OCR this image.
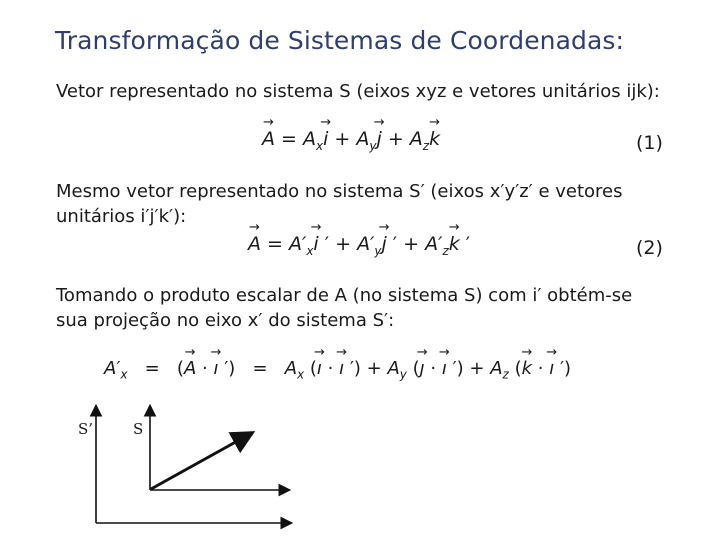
Transformação de Sistemas de Coordenadas:
Vetor representado no sistema S (eixos xyz e vetores unitários ijk):
→ $A = A_x\to i + A_y\to j + A_z\to k$	(1)
Mesmo vetor representado no sistema S′ (eixos x′y′z′ e vetores
unitários i′j′k′):
→ $A = A'_x\to i$ ′ + $A'_y\to j$ ′ + $A'_z\to k$ ′	(2)
Tomando o produto escalar de A (no sistema S) com i′ obtém-se
sua projeção no eixo x′ do sistema S′:
$A'_x$   =   (→ A · → ı ′)   =   $A_x$ (→ ı · → ı ′) + $A_y$ (→ ȷ · → ı ′) + $A_z$ (→ k · → ı ′)
S’	S
